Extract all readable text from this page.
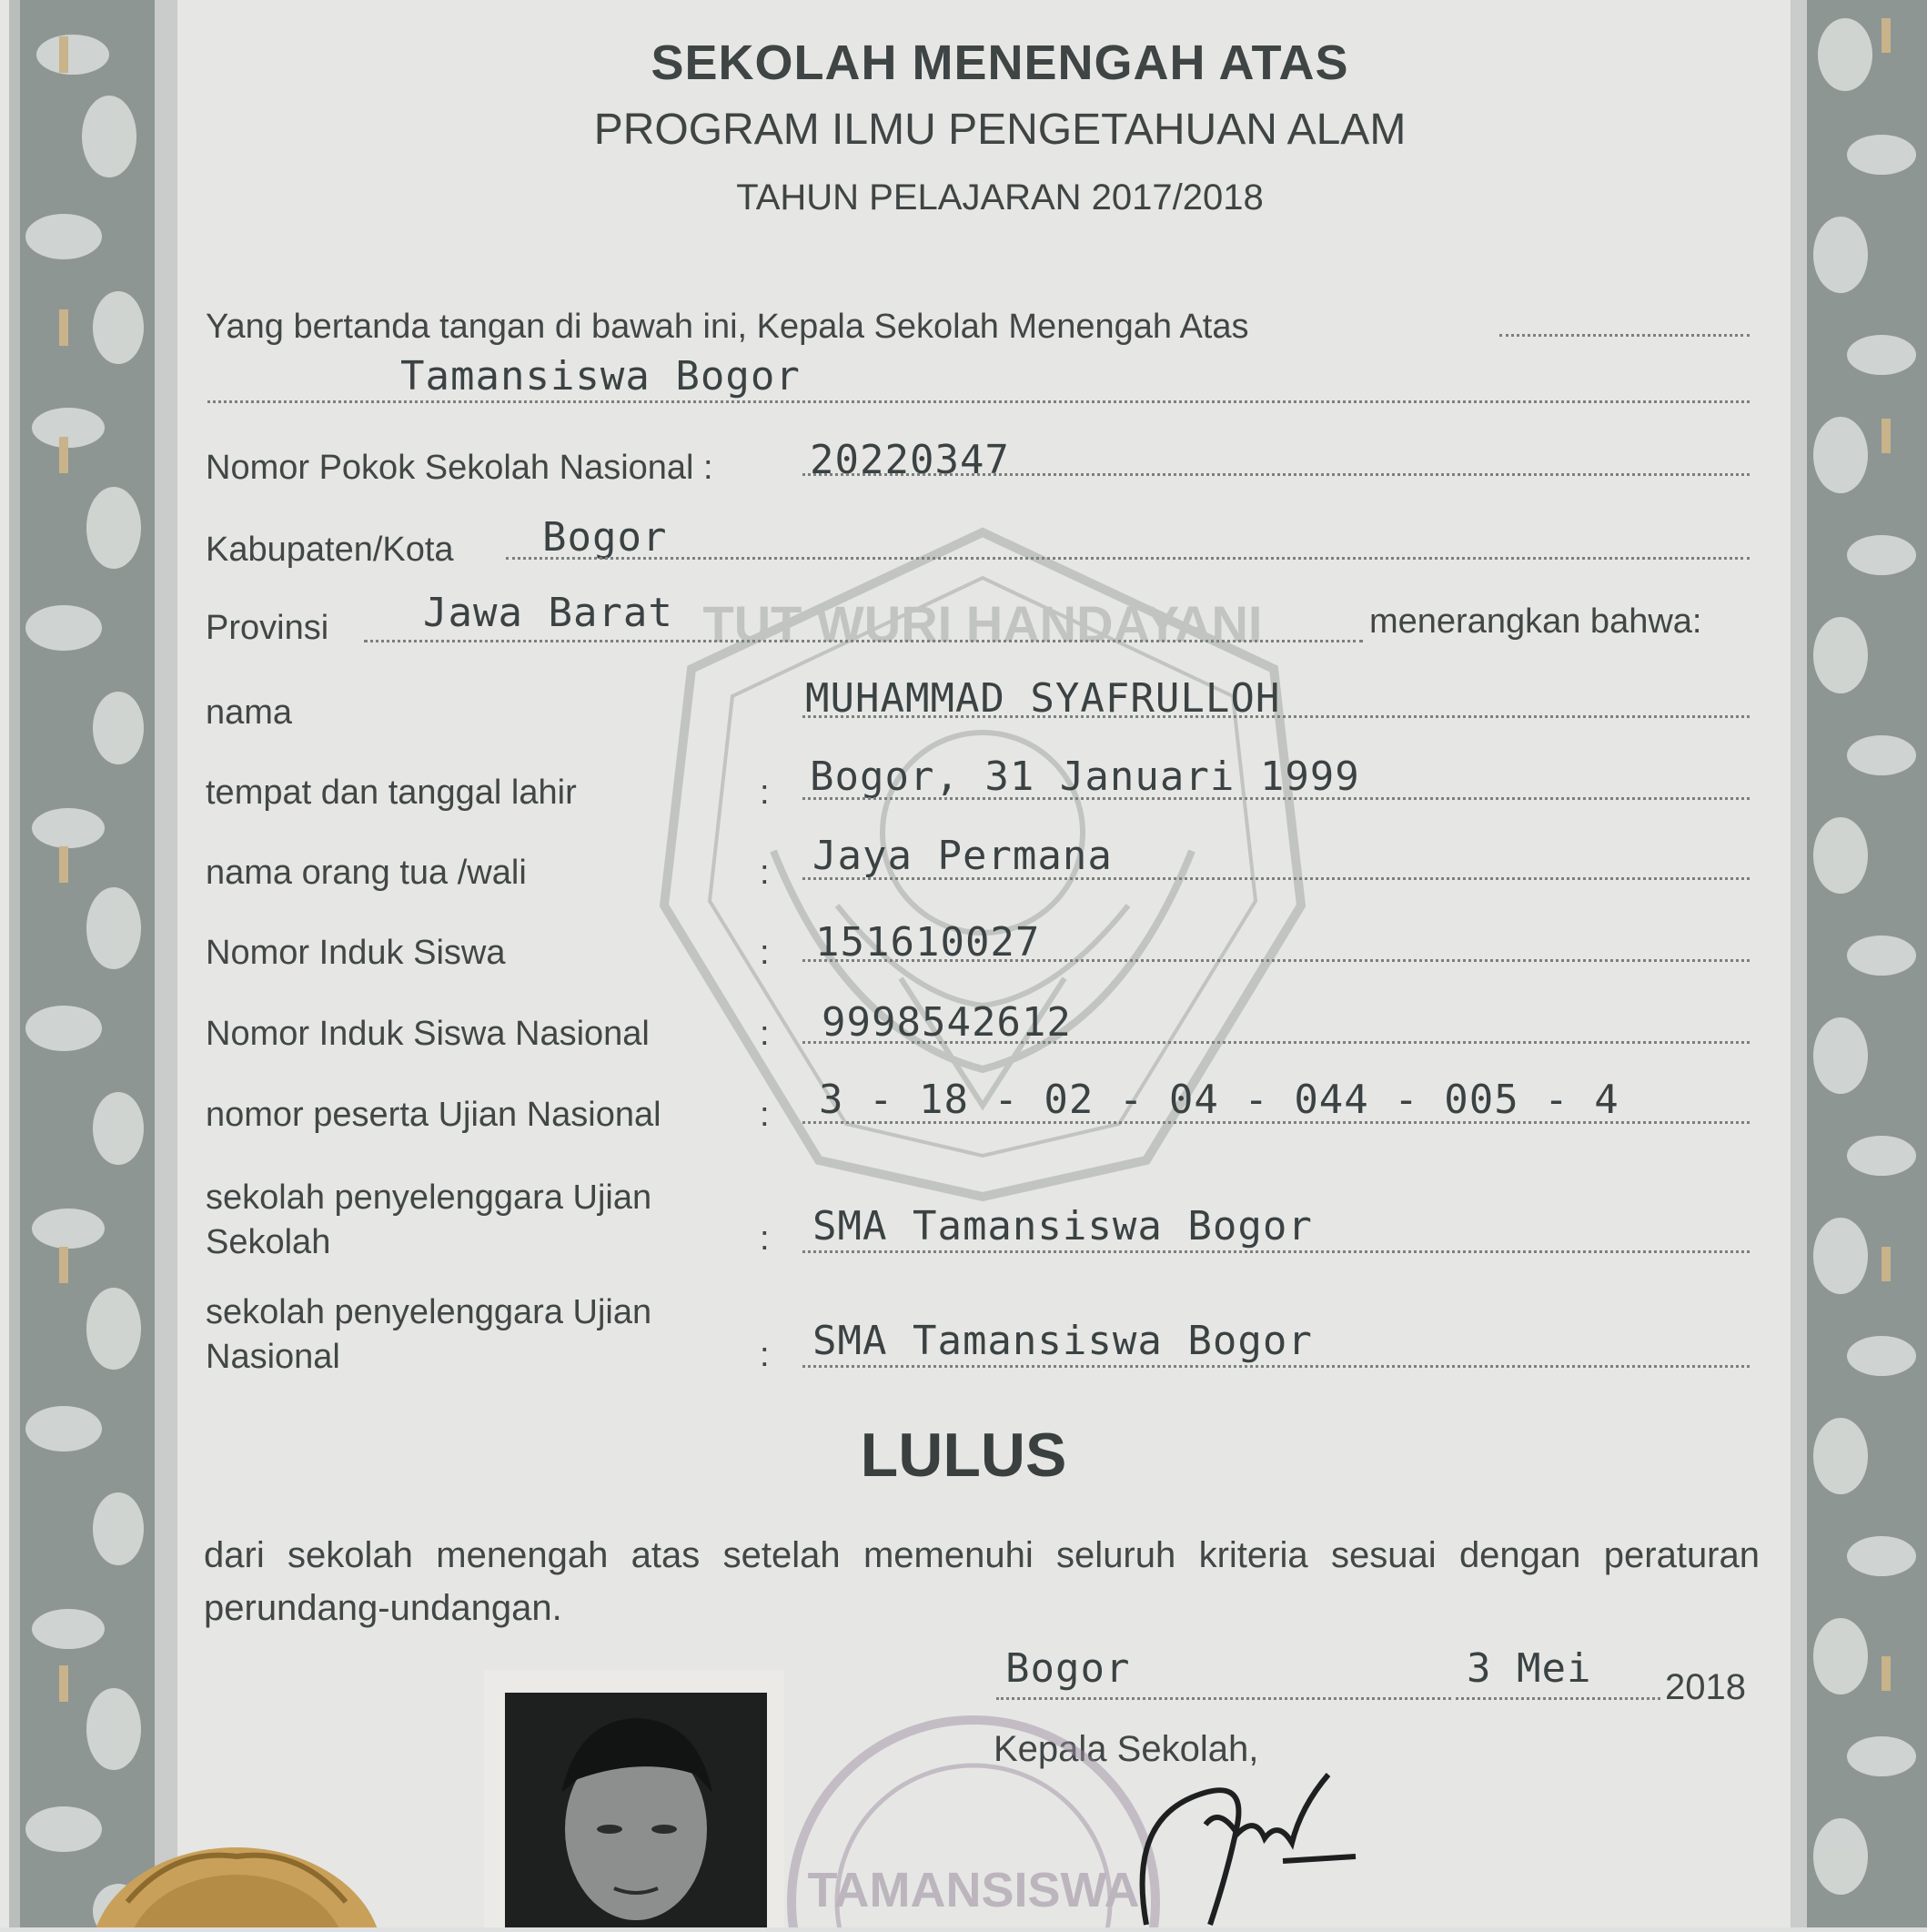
TUT WURI HANDAYANI
SEKOLAH MENENGAH ATAS
PROGRAM ILMU PENGETAHUAN ALAM
TAHUN PELAJARAN 2017/2018
Yang bertanda tangan di bawah ini, Kepala Sekolah Menengah Atas
Tamansiswa Bogor
Nomor Pokok Sekolah Nasional : 20220347
Kabupaten/Kota Bogor
Provinsi Jawa Barat	menerangkan bahwa:
nama	MUHAMMAD SYAFRULLOH
tempat dan tanggal lahir	: Bogor, 31 Januari 1999
nama orang tua /wali	: Jaya Permana
Nomor Induk Siswa	: 151610027
Nomor Induk Siswa Nasional	: 9998542612
nomor peserta Ujian Nasional	: 3 - 18 - 02 - 04 - 044 - 005 - 4
sekolah penyelenggara Ujian Sekolah	: SMA Tamansiswa Bogor
sekolah penyelenggara Ujian Nasional	: SMA Tamansiswa Bogor
LULUS
dari sekolah menengah atas setelah memenuhi seluruh kriteria sesuai dengan peraturan perundang-undangan.
Bogor	3 Mei 2018
Kepala Sekolah,
TAMANSISWA
